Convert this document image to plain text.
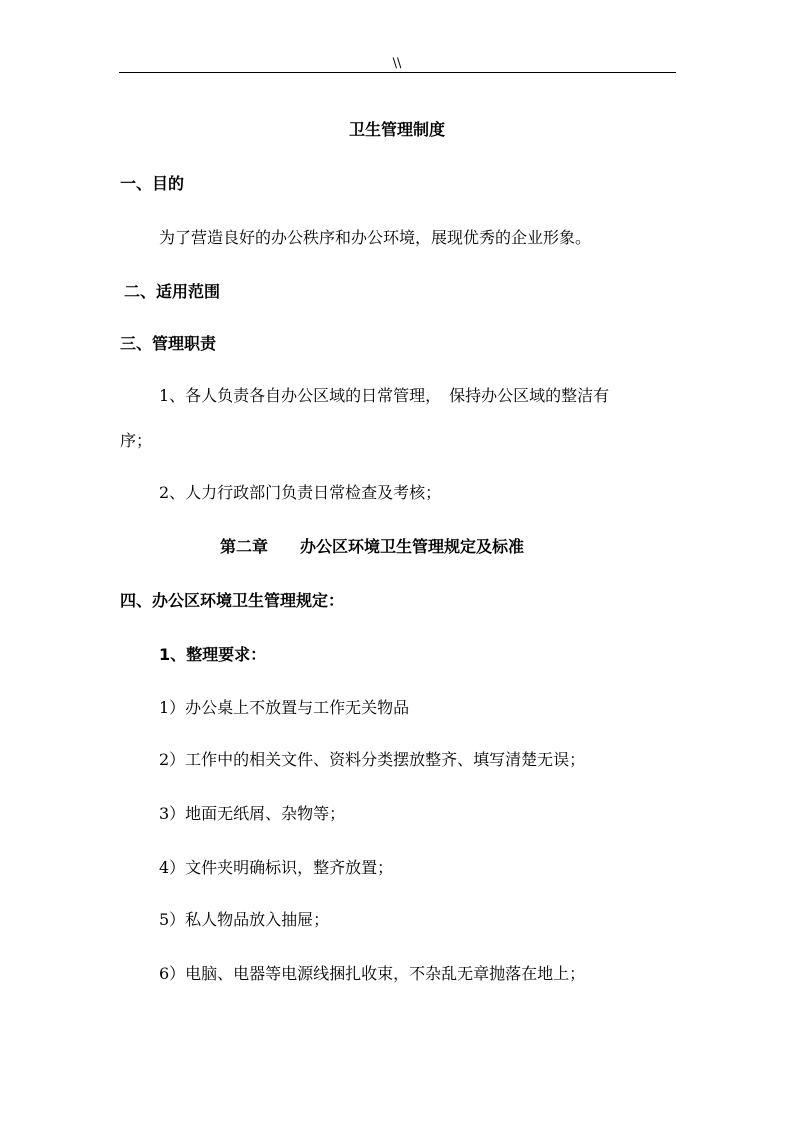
\\
卫生管理制度
一、目的
为了营造良好的办公秩序和办公环境，展现优秀的企业形象。
二、适用范围
三、管理职责
1、各人负责各自办公区域的日常管理，　保持办公区域的整洁有
序；
2、人力行政部门负责日常检查及考核；
第二章　　办公区环境卫生管理规定及标准
四、办公区环境卫生管理规定：
1、整理要求：
1）办公桌上不放置与工作无关物品
2）工作中的相关文件、资料分类摆放整齐、填写清楚无误；
3）地面无纸屑、杂物等；
4）文件夹明确标识，整齐放置；
5）私人物品放入抽屉；
6）电脑、电器等电源线捆扎收束，不杂乱无章抛落在地上；
